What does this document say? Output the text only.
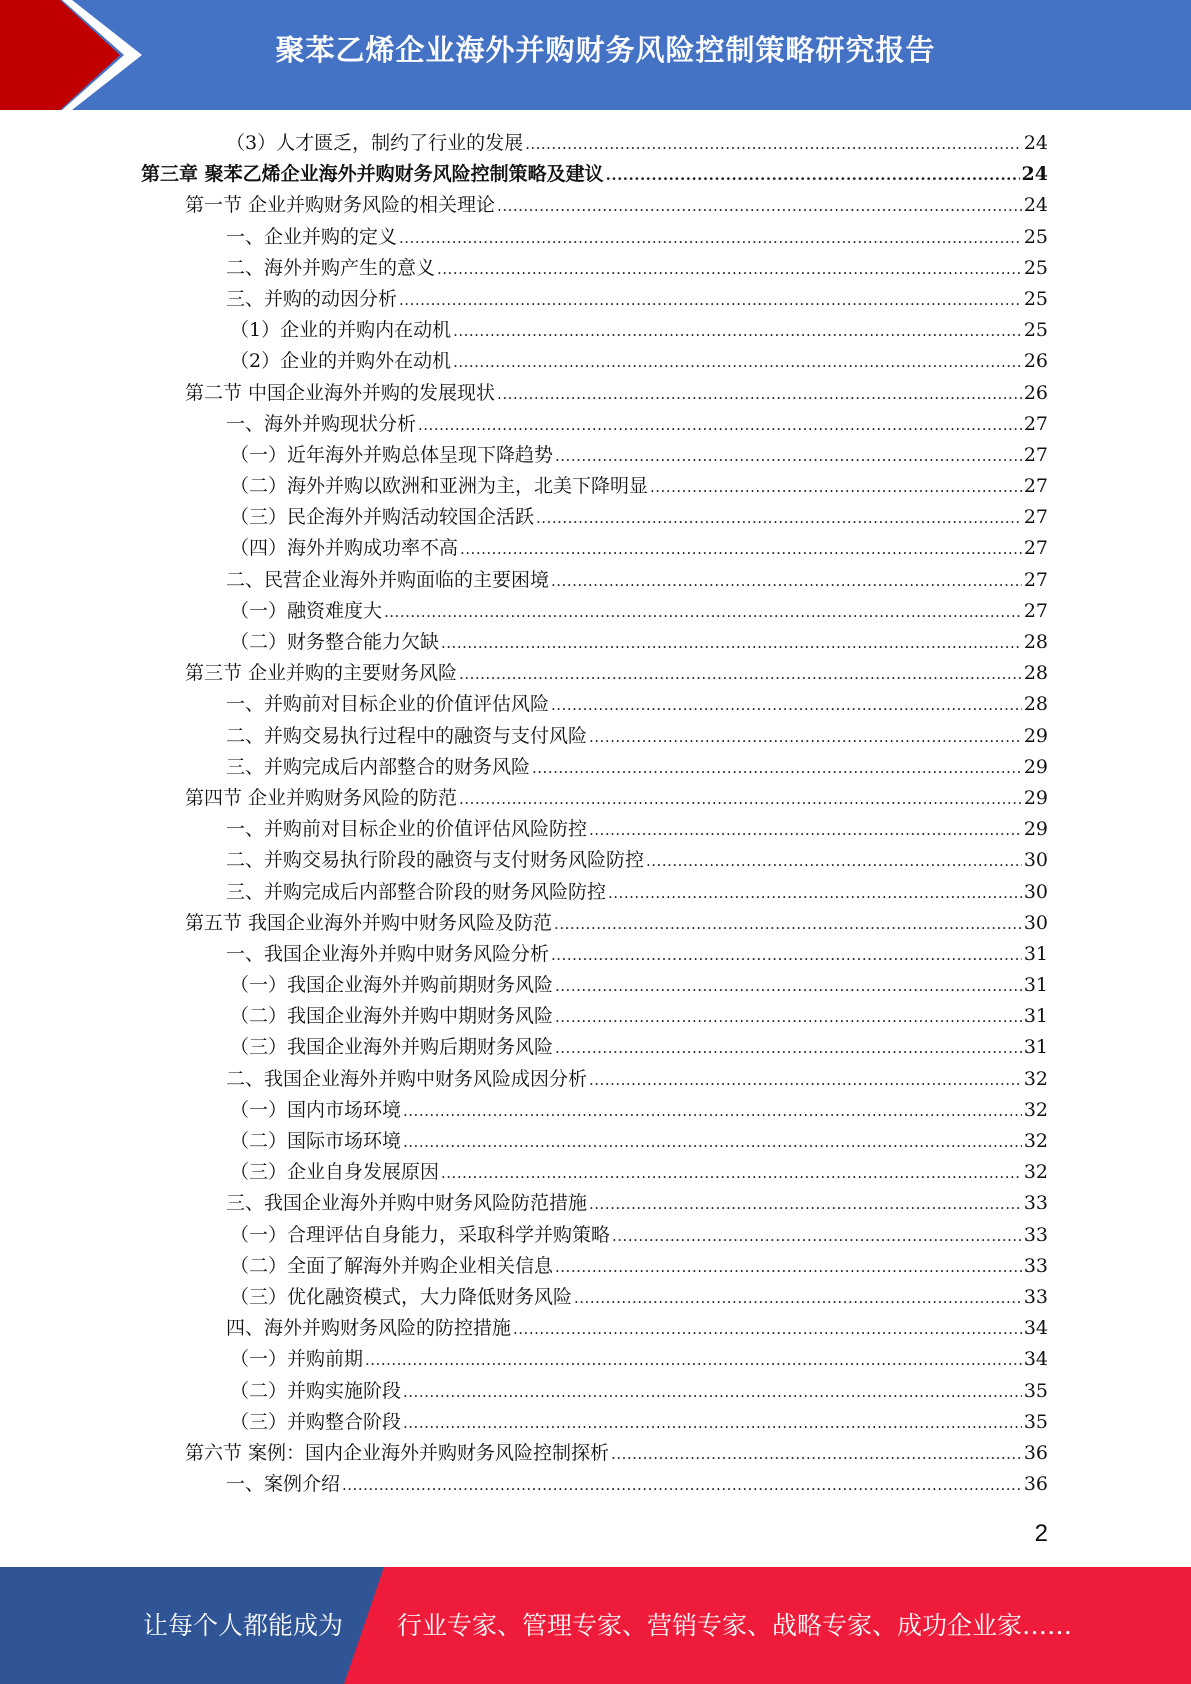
聚苯乙烯企业海外并购财务风险控制策略研究报告
（3）人才匮乏，制约了行业的发展 .....	24
第三章 聚苯乙烯企业海外并购财务风险控制策略及建议 .....	24
第一节 企业并购财务风险的相关理论 .....	24
一、企业并购的定义 .....	25
二、海外并购产生的意义 .....	25
三、并购的动因分析 .....	25
（1）企业的并购内在动机 .....	25
（2）企业的并购外在动机 .....	26
第二节 中国企业海外并购的发展现状 .....	26
一、海外并购现状分析 .....	27
（一）近年海外并购总体呈现下降趋势 .....	27
（二）海外并购以欧洲和亚洲为主，北美下降明显 .....	27
（三）民企海外并购活动较国企活跃 .....	27
（四）海外并购成功率不高 .....	27
二、民营企业海外并购面临的主要困境 .....	27
（一）融资难度大 .....	27
（二）财务整合能力欠缺 .....	28
第三节 企业并购的主要财务风险 .....	28
一、并购前对目标企业的价值评估风险 .....	28
二、并购交易执行过程中的融资与支付风险 .....	29
三、并购完成后内部整合的财务风险 .....	29
第四节 企业并购财务风险的防范 .....	29
一、并购前对目标企业的价值评估风险防控 .....	29
二、并购交易执行阶段的融资与支付财务风险防控 .....	30
三、并购完成后内部整合阶段的财务风险防控 .....	30
第五节 我国企业海外并购中财务风险及防范 .....	30
一、我国企业海外并购中财务风险分析 .....	31
（一）我国企业海外并购前期财务风险 .....	31
（二）我国企业海外并购中期财务风险 .....	31
（三）我国企业海外并购后期财务风险 .....	31
二、我国企业海外并购中财务风险成因分析 .....	32
（一）国内市场环境 .....	32
（二）国际市场环境 .....	32
（三）企业自身发展原因 .....	32
三、我国企业海外并购中财务风险防范措施 .....	33
（一）合理评估自身能力，采取科学并购策略 .....	33
（二）全面了解海外并购企业相关信息 .....	33
（三）优化融资模式，大力降低财务风险 .....	33
四、海外并购财务风险的防控措施 .....	34
（一）并购前期 .....	34
（二）并购实施阶段 .....	35
（三）并购整合阶段 .....	35
第六节 案例：国内企业海外并购财务风险控制探析 .....	36
一、案例介绍 .....	36
2
让每个人都能成为 行业专家、管理专家、营销专家、战略专家、成功企业家……
